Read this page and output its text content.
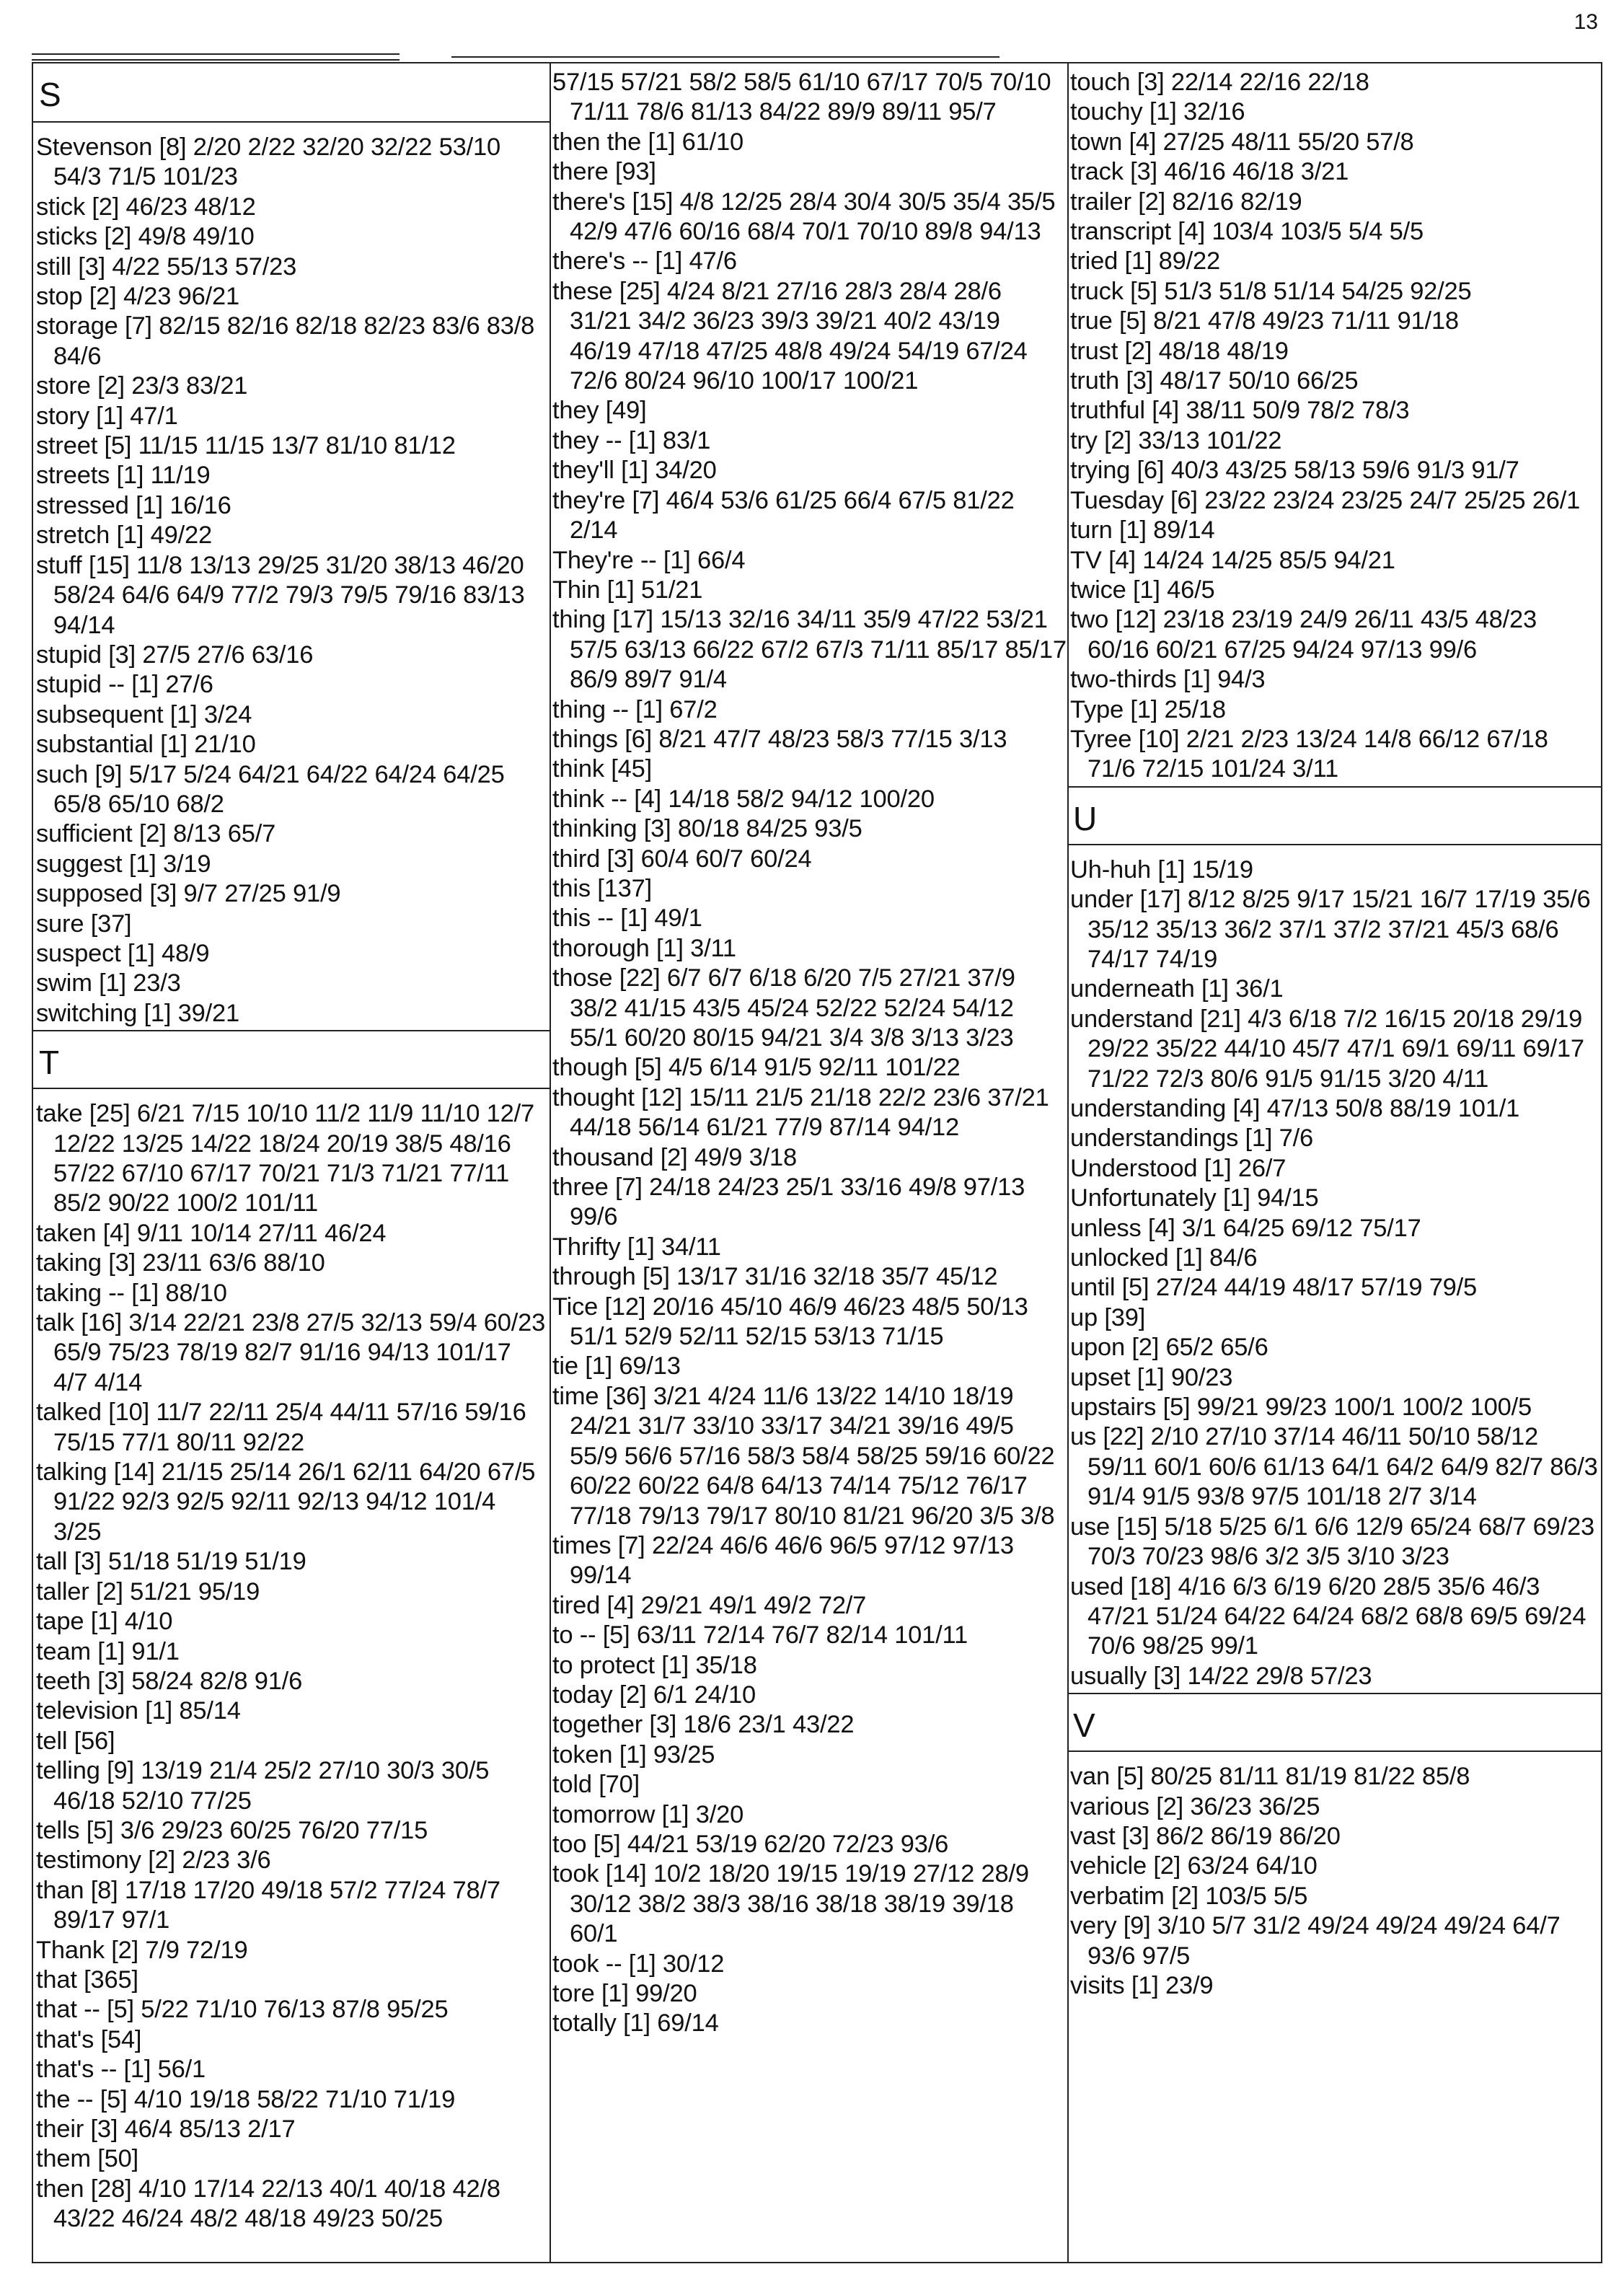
13
S
Stevenson [8] 2/20 2/22 32/20 32/22 53/10 54/3 71/5 101/23
stick [2] 46/23 48/12
sticks [2] 49/8 49/10
still [3] 4/22 55/13 57/23
stop [2] 4/23 96/21
storage [7] 82/15 82/16 82/18 82/23 83/6 83/8 84/6
store [2] 23/3 83/21
story [1] 47/1
street [5] 11/15 11/15 13/7 81/10 81/12
streets [1] 11/19
stressed [1] 16/16
stretch [1] 49/22
stuff [15] 11/8 13/13 29/25 31/20 38/13 46/20 58/24 64/6 64/9 77/2 79/3 79/5 79/16 83/13 94/14
stupid [3] 27/5 27/6 63/16
stupid -- [1] 27/6
subsequent [1] 3/24
substantial [1] 21/10
such [9] 5/17 5/24 64/21 64/22 64/24 64/25 65/8 65/10 68/2
sufficient [2] 8/13 65/7
suggest [1] 3/19
supposed [3] 9/7 27/25 91/9
sure [37]
suspect [1] 48/9
swim [1] 23/3
switching [1] 39/21
T
take [25] 6/21 7/15 10/10 11/2 11/9 11/10 12/7 12/22 13/25 14/22 18/24 20/19 38/5 48/16 57/22 67/10 67/17 70/21 71/3 71/21 77/11 85/2 90/22 100/2 101/11
taken [4] 9/11 10/14 27/11 46/24
taking [3] 23/11 63/6 88/10
taking -- [1] 88/10
talk [16] 3/14 22/21 23/8 27/5 32/13 59/4 60/23 65/9 75/23 78/19 82/7 91/16 94/13 101/17 4/7 4/14
talked [10] 11/7 22/11 25/4 44/11 57/16 59/16 75/15 77/1 80/11 92/22
talking [14] 21/15 25/14 26/1 62/11 64/20 67/5 91/22 92/3 92/5 92/11 92/13 94/12 101/4 3/25
tall [3] 51/18 51/19 51/19
taller [2] 51/21 95/19
tape [1] 4/10
team [1] 91/1
teeth [3] 58/24 82/8 91/6
television [1] 85/14
tell [56]
telling [9] 13/19 21/4 25/2 27/10 30/3 30/5 46/18 52/10 77/25
tells [5] 3/6 29/23 60/25 76/20 77/15
testimony [2] 2/23 3/6
than [8] 17/18 17/20 49/18 57/2 77/24 78/7 89/17 97/1
Thank [2] 7/9 72/19
that [365]
that -- [5] 5/22 71/10 76/13 87/8 95/25
that's [54]
that's -- [1] 56/1
the -- [5] 4/10 19/18 58/22 71/10 71/19
their [3] 46/4 85/13 2/17
them [50]
then [28] 4/10 17/14 22/13 40/1 40/18 42/8 43/22 46/24 48/2 48/18 49/23 50/25
57/15 57/21 58/2 58/5 61/10 67/17 70/5 70/10 71/11 78/6 81/13 84/22 89/9 89/11 95/7
then the [1] 61/10
there [93]
there's [15] 4/8 12/25 28/4 30/4 30/5 35/4 35/5 42/9 47/6 60/16 68/4 70/1 70/10 89/8 94/13
there's -- [1] 47/6
these [25] 4/24 8/21 27/16 28/3 28/4 28/6 31/21 34/2 36/23 39/3 39/21 40/2 43/19 46/19 47/18 47/25 48/8 49/24 54/19 67/24 72/6 80/24 96/10 100/17 100/21
they [49]
they -- [1] 83/1
they'll [1] 34/20
they're [7] 46/4 53/6 61/25 66/4 67/5 81/22 2/14
They're -- [1] 66/4
Thin [1] 51/21
thing [17] 15/13 32/16 34/11 35/9 47/22 53/21 57/5 63/13 66/22 67/2 67/3 71/11 85/17 85/17 86/9 89/7 91/4
thing -- [1] 67/2
things [6] 8/21 47/7 48/23 58/3 77/15 3/13
think [45]
think -- [4] 14/18 58/2 94/12 100/20
thinking [3] 80/18 84/25 93/5
third [3] 60/4 60/7 60/24
this [137]
this -- [1] 49/1
thorough [1] 3/11
those [22] 6/7 6/7 6/18 6/20 7/5 27/21 37/9 38/2 41/15 43/5 45/24 52/22 52/24 54/12 55/1 60/20 80/15 94/21 3/4 3/8 3/13 3/23
though [5] 4/5 6/14 91/5 92/11 101/22
thought [12] 15/11 21/5 21/18 22/2 23/6 37/21 44/18 56/14 61/21 77/9 87/14 94/12
thousand [2] 49/9 3/18
three [7] 24/18 24/23 25/1 33/16 49/8 97/13 99/6
Thrifty [1] 34/11
through [5] 13/17 31/16 32/18 35/7 45/12
Tice [12] 20/16 45/10 46/9 46/23 48/5 50/13 51/1 52/9 52/11 52/15 53/13 71/15
tie [1] 69/13
time [36] 3/21 4/24 11/6 13/22 14/10 18/19 24/21 31/7 33/10 33/17 34/21 39/16 49/5 55/9 56/6 57/16 58/3 58/4 58/25 59/16 60/22 60/22 60/22 64/8 64/13 74/14 75/12 76/17 77/18 79/13 79/17 80/10 81/21 96/20 3/5 3/8
times [7] 22/24 46/6 46/6 96/5 97/12 97/13 99/14
tired [4] 29/21 49/1 49/2 72/7
to -- [5] 63/11 72/14 76/7 82/14 101/11
to protect [1] 35/18
today [2] 6/1 24/10
together [3] 18/6 23/1 43/22
token [1] 93/25
told [70]
tomorrow [1] 3/20
too [5] 44/21 53/19 62/20 72/23 93/6
took [14] 10/2 18/20 19/15 19/19 27/12 28/9 30/12 38/2 38/3 38/16 38/18 38/19 39/18 60/1
took -- [1] 30/12
tore [1] 99/20
totally [1] 69/14
touch [3] 22/14 22/16 22/18
touchy [1] 32/16
town [4] 27/25 48/11 55/20 57/8
track [3] 46/16 46/18 3/21
trailer [2] 82/16 82/19
transcript [4] 103/4 103/5 5/4 5/5
tried [1] 89/22
truck [5] 51/3 51/8 51/14 54/25 92/25
true [5] 8/21 47/8 49/23 71/11 91/18
trust [2] 48/18 48/19
truth [3] 48/17 50/10 66/25
truthful [4] 38/11 50/9 78/2 78/3
try [2] 33/13 101/22
trying [6] 40/3 43/25 58/13 59/6 91/3 91/7
Tuesday [6] 23/22 23/24 23/25 24/7 25/25 26/1
turn [1] 89/14
TV [4] 14/24 14/25 85/5 94/21
twice [1] 46/5
two [12] 23/18 23/19 24/9 26/11 43/5 48/23 60/16 60/21 67/25 94/24 97/13 99/6
two-thirds [1] 94/3
Type [1] 25/18
Tyree [10] 2/21 2/23 13/24 14/8 66/12 67/18 71/6 72/15 101/24 3/11
U
Uh-huh [1] 15/19
under [17] 8/12 8/25 9/17 15/21 16/7 17/19 35/6 35/12 35/13 36/2 37/1 37/2 37/21 45/3 68/6 74/17 74/19
underneath [1] 36/1
understand [21] 4/3 6/18 7/2 16/15 20/18 29/19 29/22 35/22 44/10 45/7 47/1 69/1 69/11 69/17 71/22 72/3 80/6 91/5 91/15 3/20 4/11
understanding [4] 47/13 50/8 88/19 101/1
understandings [1] 7/6
Understood [1] 26/7
Unfortunately [1] 94/15
unless [4] 3/1 64/25 69/12 75/17
unlocked [1] 84/6
until [5] 27/24 44/19 48/17 57/19 79/5
up [39]
upon [2] 65/2 65/6
upset [1] 90/23
upstairs [5] 99/21 99/23 100/1 100/2 100/5
us [22] 2/10 27/10 37/14 46/11 50/10 58/12 59/11 60/1 60/6 61/13 64/1 64/2 64/9 82/7 86/3 91/4 91/5 93/8 97/5 101/18 2/7 3/14
use [15] 5/18 5/25 6/1 6/6 12/9 65/24 68/7 69/23 70/3 70/23 98/6 3/2 3/5 3/10 3/23
used [18] 4/16 6/3 6/19 6/20 28/5 35/6 46/3 47/21 51/24 64/22 64/24 68/2 68/8 69/5 69/24 70/6 98/25 99/1
usually [3] 14/22 29/8 57/23
V
van [5] 80/25 81/11 81/19 81/22 85/8
various [2] 36/23 36/25
vast [3] 86/2 86/19 86/20
vehicle [2] 63/24 64/10
verbatim [2] 103/5 5/5
very [9] 3/10 5/7 31/2 49/24 49/24 49/24 64/7 93/6 97/5
visits [1] 23/9
